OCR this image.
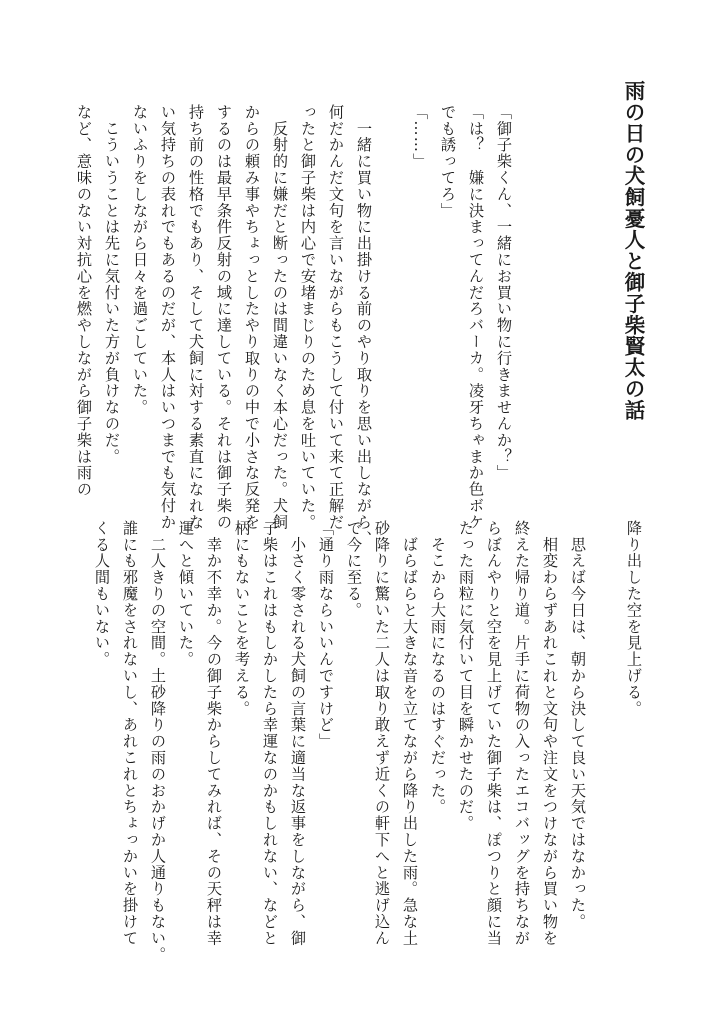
雨の日の犬飼憂人と御子柴賢太の話

「御子柴くん、一緒にお買い物に行きませんか？」

「は？　嫌に決まってんだろバーカ。凌牙ちゃまか色ボケ

でも誘ってろ」

「……」

　一緒に買い物に出掛ける前のやり取りを思い出しながら、

何だかんだ文句を言いながらもこうして付いて来て正解だ

ったと御子柴は内心で安堵まじりのため息を吐いていた。

　反射的に嫌だと断ったのは間違いなく本心だった。犬飼

からの頼み事やちょっとしたやり取りの中で小さな反発を

するのは最早条件反射の域に達している。それは御子柴の

持ち前の性格でもあり、そして犬飼に対する素直になれな

い気持ちの表れでもあるのだが、本人はいつまでも気付か

ないふりをしながら日々を過ごしていた。

　こういうことは先に気付いた方が負けなのだ。

など、意味のない対抗心を燃やしながら御子柴は雨の

降り出した空を見上げる。

　思えば今日は、朝から決して良い天気ではなかった。

　相変わらずあれこれと文句や注文をつけながら買い物を

終えた帰り道。片手に荷物の入ったエコバッグを持ちなが

らぼんやりと空を見上げていた御子柴は、ぽつりと顔に当

たった雨粒に気付いて目を瞬かせたのだ。

　そこから大雨になるのはすぐだった。

　ばらばらと大きな音を立てながら降り出した雨。急な土

砂降りに驚いた二人は取り敢えず近くの軒下へと逃げ込ん

で今に至る。

「通り雨ならいいんですけど」

　小さく零される犬飼の言葉に適当な返事をしながら、御

子柴はこれはもしかしたら幸運なのかもしれない、などと

柄にもないことを考える。

　幸か不幸か。今の御子柴からしてみれば、その天秤は幸

運へと傾いていた。

　二人きりの空間。土砂降りの雨のおかげか人通りもない。

誰にも邪魔をされないし、あれこれとちょっかいを掛けて

くる人間もいない。
